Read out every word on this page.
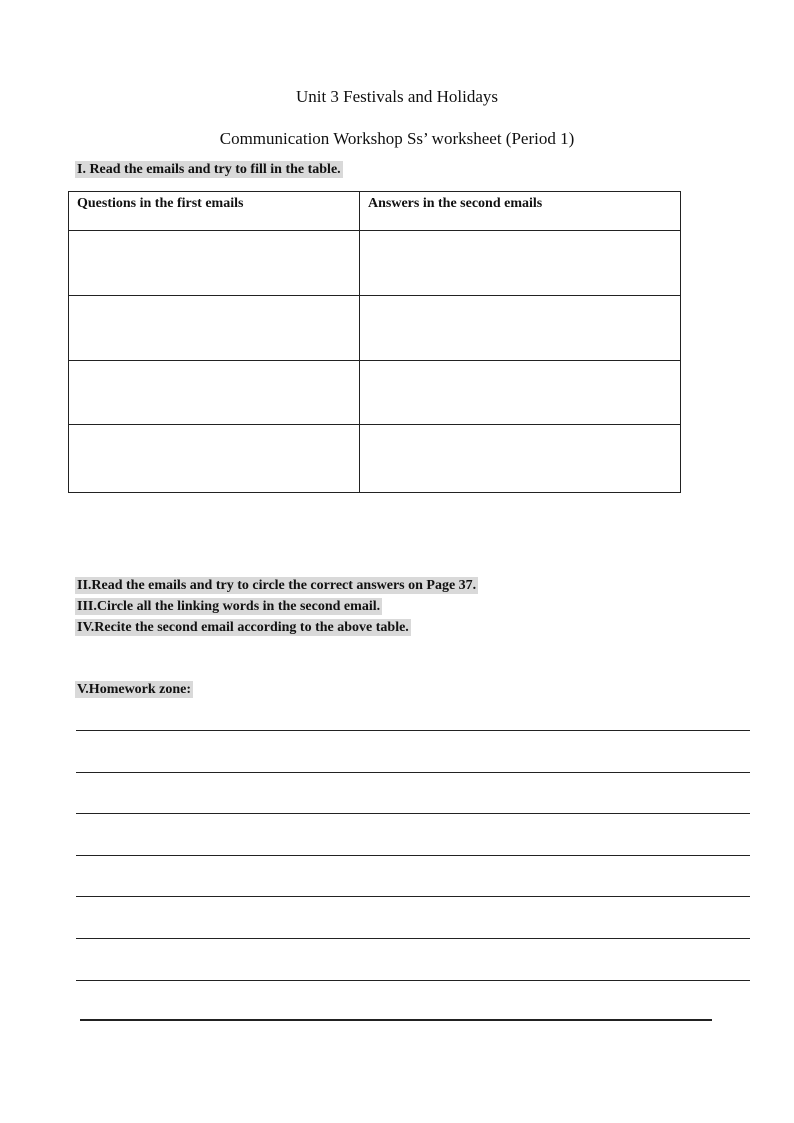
Unit 3 Festivals and Holidays
Communication Workshop Ss’ worksheet (Period 1)
I. Read the emails and try to fill in the table.
Questions in the first emails	Answers in the second emails

II.Read the emails and try to circle the correct answers on Page 37.
III.Circle all the linking words in the second email.
IV.Recite the second email according to the above table.
V.Homework zone:
